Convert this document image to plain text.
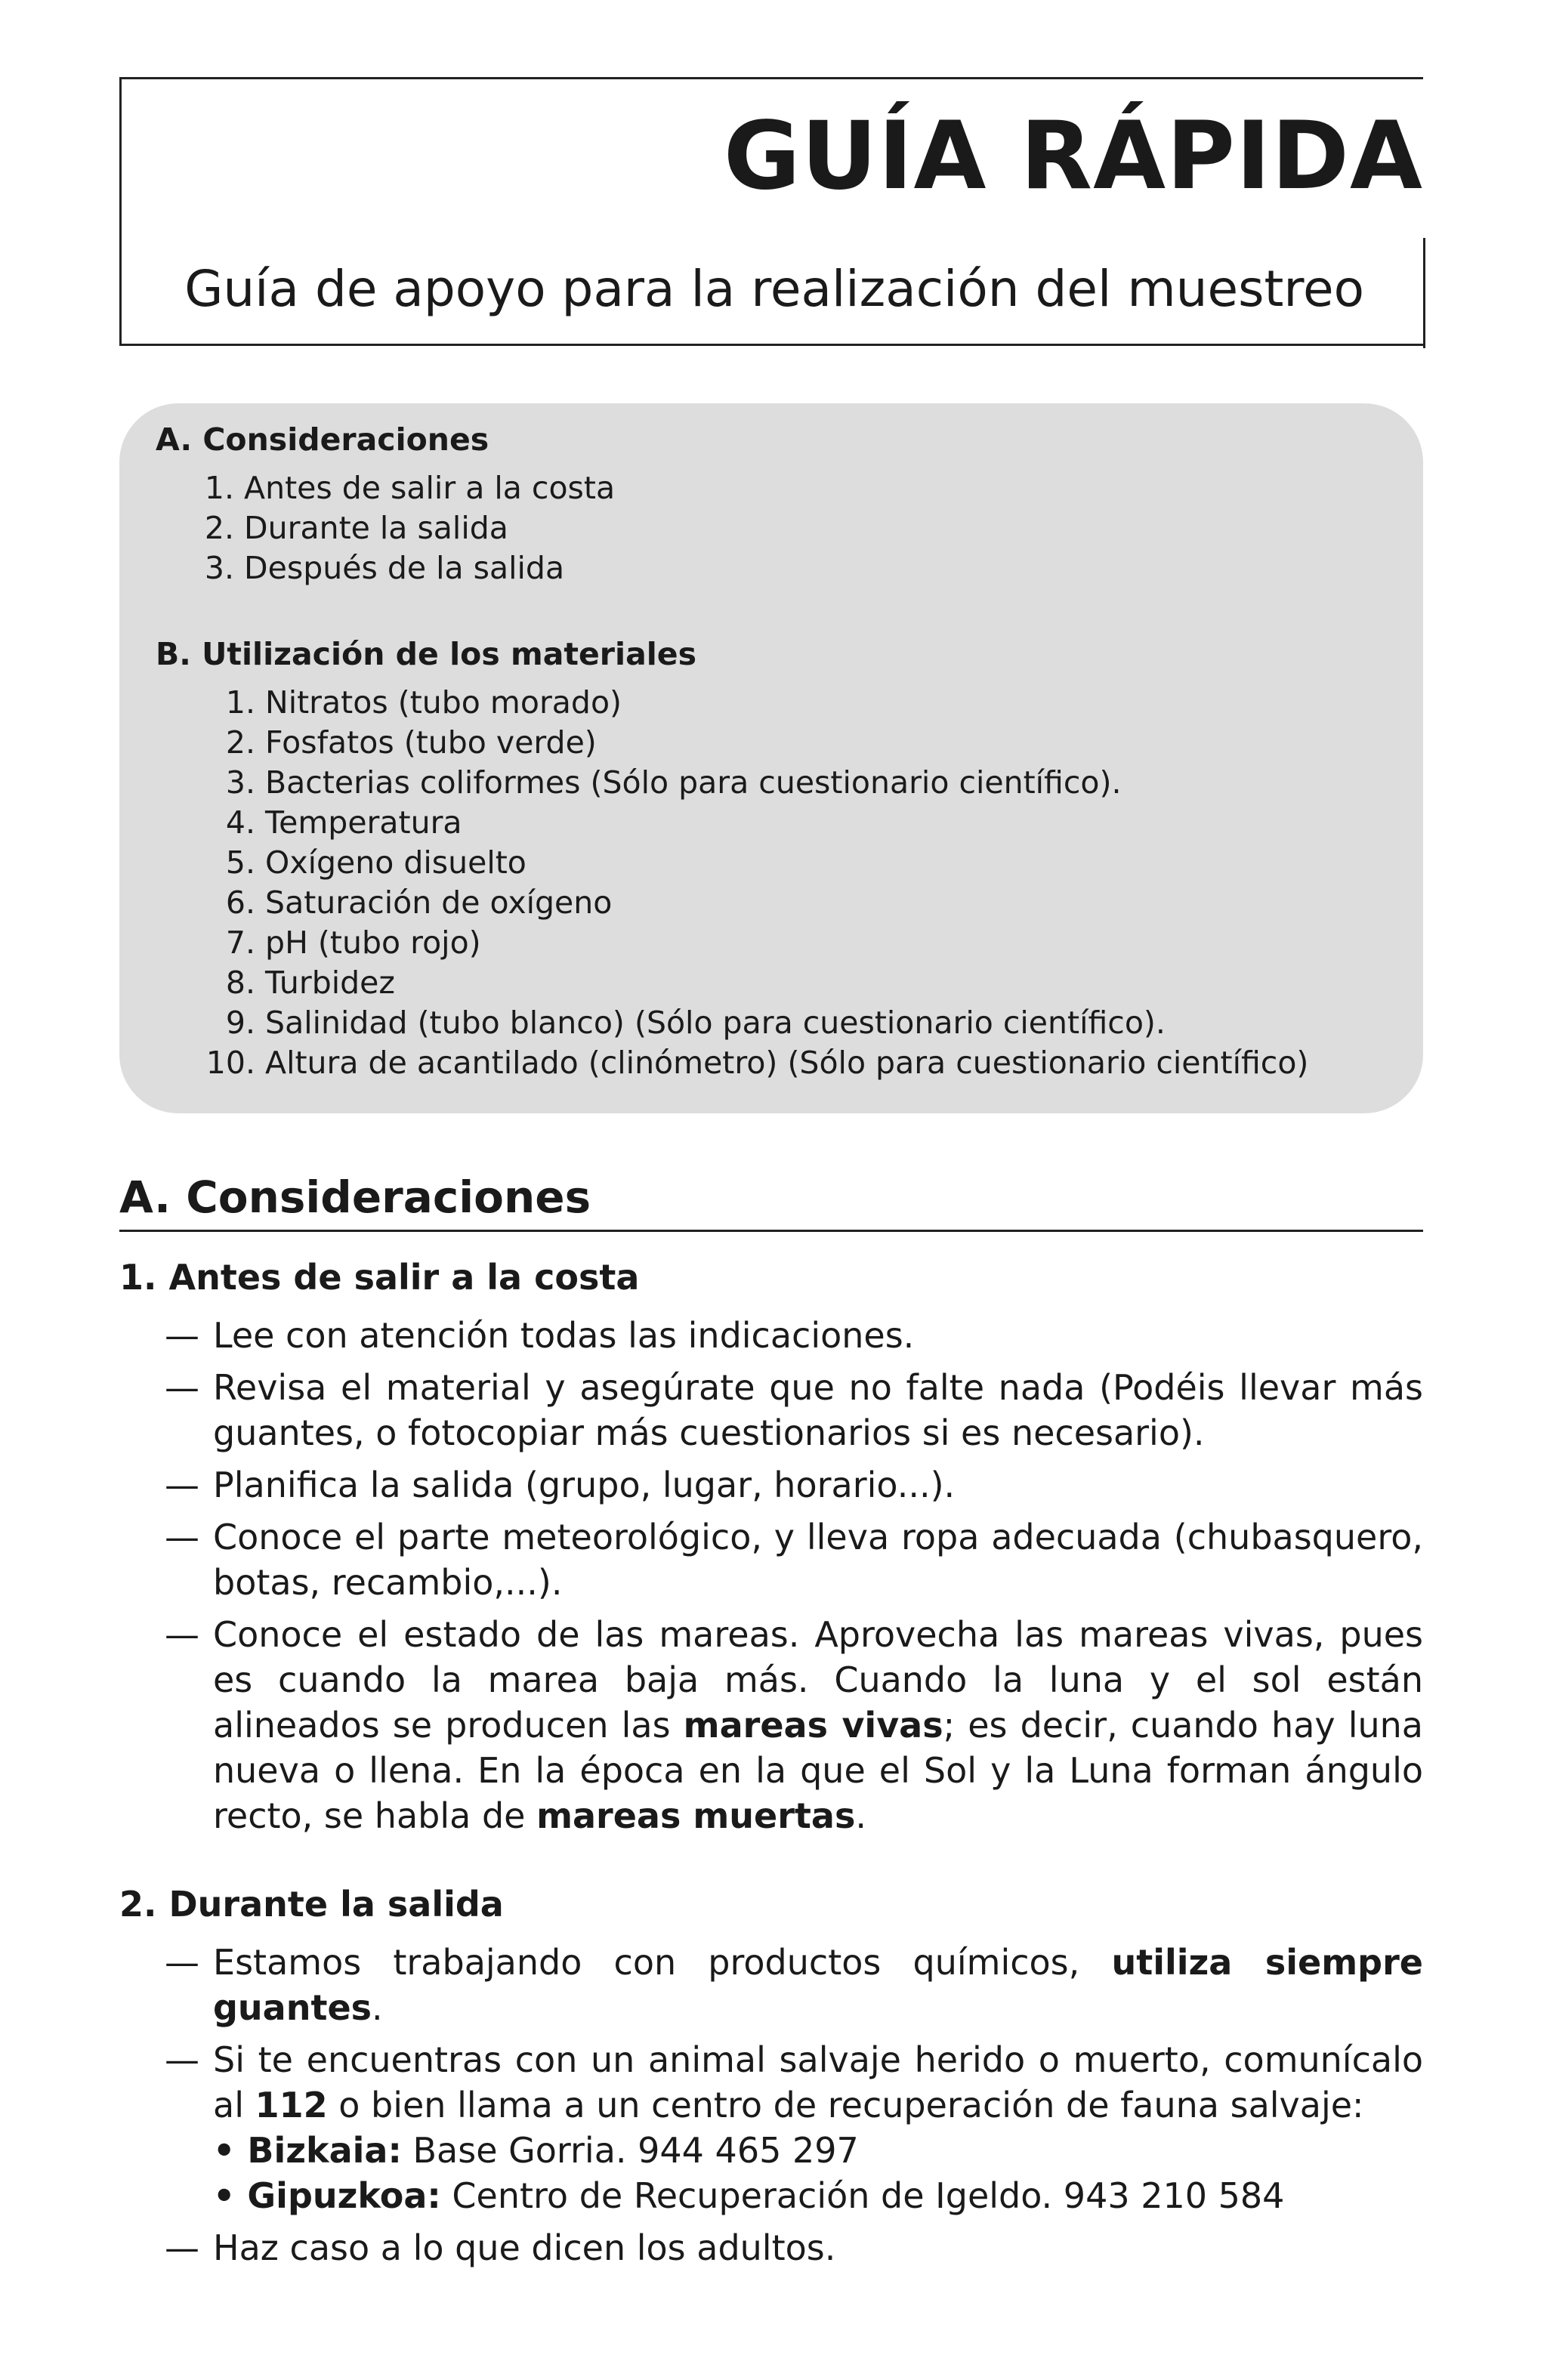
GUÍA RÁPIDA
Guía de apoyo para la realización del muestreo
A. Consideraciones
1. Antes de salir a la costa
2. Durante la salida
3. Después de la salida
B. Utilización de los materiales
1. Nitratos (tubo morado)
2. Fosfatos (tubo verde)
3. Bacterias coliformes (Sólo para cuestionario científico).
4. Temperatura
5. Oxígeno disuelto
6. Saturación de oxígeno
7. pH (tubo rojo)
8. Turbidez
9. Salinidad (tubo blanco) (Sólo para cuestionario científico).
10. Altura de acantilado (clinómetro) (Sólo para cuestionario científico)
A. Consideraciones
1. Antes de salir a la costa
— Lee con atención todas las indicaciones.
— Revisa el material y asegúrate que no falte nada (Podéis llevar más guantes, o fotocopiar más cuestionarios si es necesario).
— Planifica la salida (grupo, lugar, horario...).
— Conoce el parte meteorológico, y lleva ropa adecuada (chubasquero, botas, recambio,...).
— Conoce el estado de las mareas. Aprovecha las mareas vivas, pues es cuando la marea baja más. Cuando la luna y el sol están alineados se producen las mareas vivas; es decir, cuando hay luna nueva o llena. En la época en la que el Sol y la Luna forman ángulo recto, se habla de mareas muertas.
2. Durante la salida
— Estamos trabajando con productos químicos, utiliza siempre guantes.
— Si te encuentras con un animal salvaje herido o muerto, comunícalo al 112 o bien llama a un centro de recuperación de fauna salvaje:
• Bizkaia: Base Gorria. 944 465 297
• Gipuzkoa: Centro de Recuperación de Igeldo. 943 210 584
— Haz caso a lo que dicen los adultos.
